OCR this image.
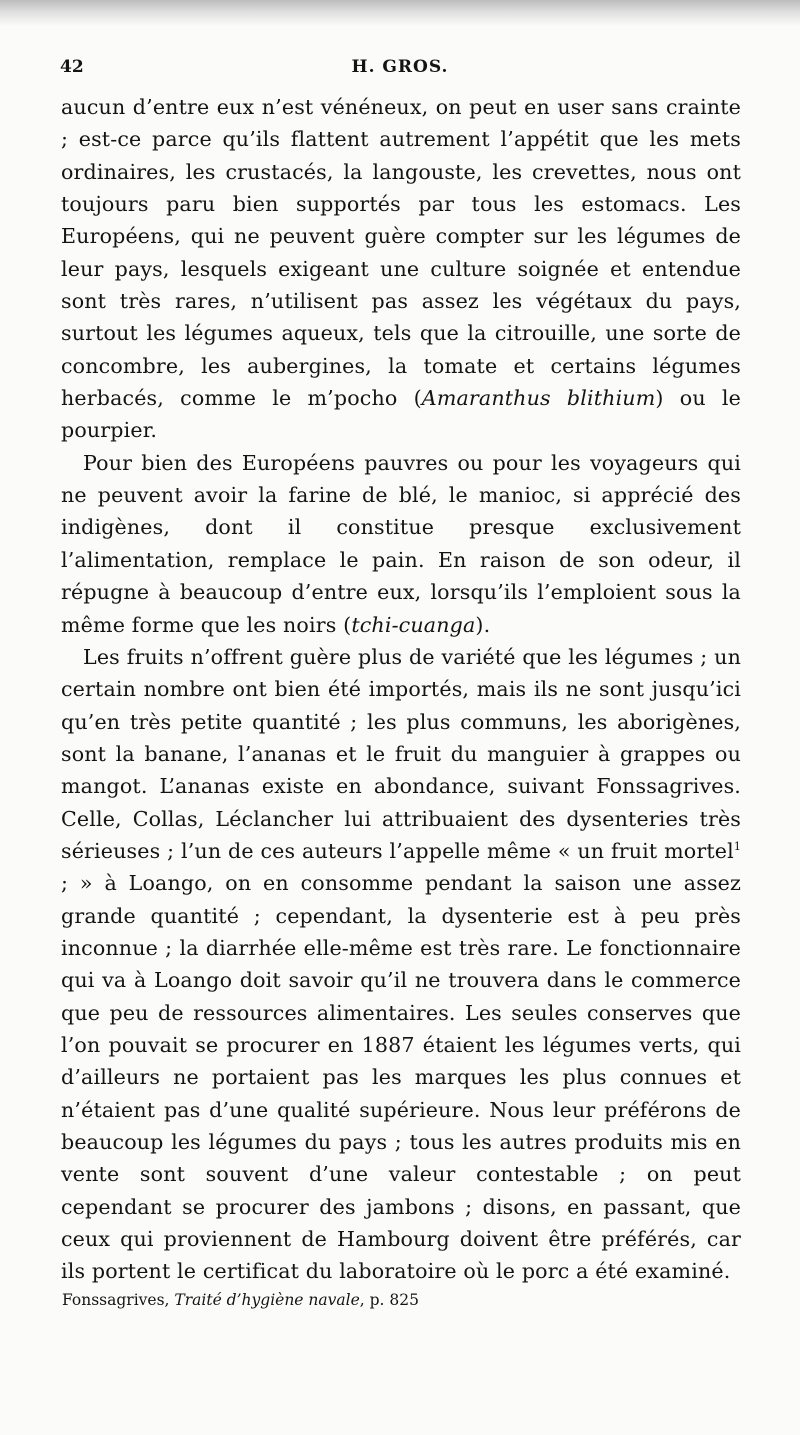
42	H. GROS.

aucun d’entre eux n’est vénéneux, on peut en user sans crainte ; est-ce parce qu’ils flattent autrement l’appétit que les mets ordinaires, les crustacés, la langouste, les crevettes, nous ont toujours paru bien supportés par tous les estomacs. Les Européens, qui ne peuvent guère compter sur les légumes de leur pays, lesquels exigeant une culture soignée et entendue sont très rares, n’utilisent pas assez les végétaux du pays, surtout les légumes aqueux, tels que la citrouille, une sorte de concombre, les aubergines, la tomate et certains légumes herbacés, comme le m’pocho (Amaranthus blithium) ou le pourpier.

Pour bien des Européens pauvres ou pour les voyageurs qui ne peuvent avoir la farine de blé, le manioc, si apprécié des indigènes, dont il constitue presque exclusivement l’alimentation, remplace le pain. En raison de son odeur, il répugne à beaucoup d’entre eux, lorsqu’ils l’emploient sous la même forme que les noirs (tchi-cuanga).

Les fruits n’offrent guère plus de variété que les légumes ; un certain nombre ont bien été importés, mais ils ne sont jusqu’ici qu’en très petite quantité ; les plus communs, les aborigènes, sont la banane, l’ananas et le fruit du manguier à grappes ou mangot. L’ananas existe en abondance, suivant Fonssagrives. Celle, Collas, Léclancher lui attribuaient des dysenteries très sérieuses ; l’un de ces auteurs l’appelle même « un fruit mortel$^1$ ; » à Loango, on en consomme pendant la saison une assez grande quantité ; cependant, la dysenterie est à peu près inconnue ; la diarrhée elle-même est très rare. Le fonctionnaire qui va à Loango doit savoir qu’il ne trouvera dans le commerce que peu de ressources alimentaires. Les seules conserves que l’on pouvait se procurer en 1887 étaient les légumes verts, qui d’ailleurs ne portaient pas les marques les plus connues et n’étaient pas d’une qualité supérieure. Nous leur préférons de beaucoup les légumes du pays ; tous les autres produits mis en vente sont souvent d’une valeur contestable ; on peut cependant se procurer des jambons ; disons, en passant, que ceux qui proviennent de Hambourg doivent être préférés, car ils portent le certificat du laboratoire où le porc a été examiné.

Fonssagrives, Traité d’hygiène navale, p. 825
